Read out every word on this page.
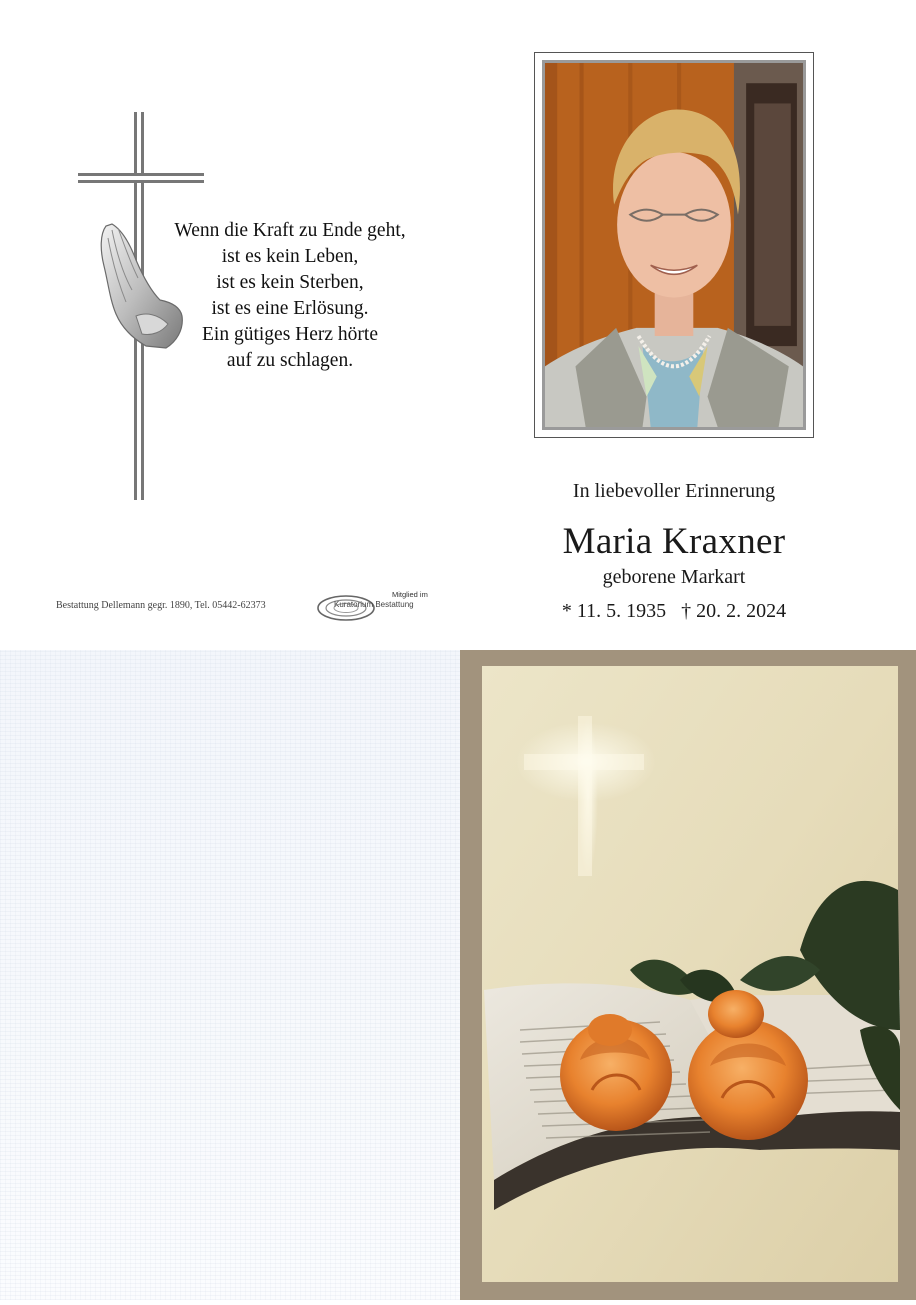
Wenn die Kraft zu Ende geht,
ist es kein Leben,
ist es kein Sterben,
ist es eine Erlösung.
Ein gütiges Herz hörte
auf zu schlagen.
In liebevoller Erinnerung
Maria Kraxner
geborene Markart
* 11. 5. 1935   † 20. 2. 2024
Bestattung Dellemann gegr. 1890, Tel. 05442-62373
Mitglied im
Kuratorium Bestattung
